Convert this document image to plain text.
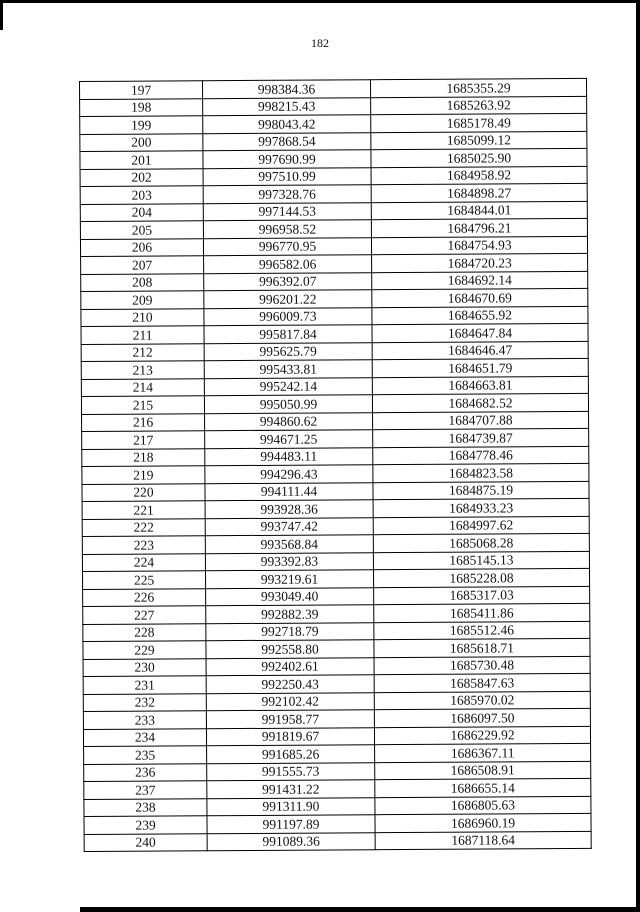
182
197	998384.36	1685355.29
198	998215.43	1685263.92
199	998043.42	1685178.49
200	997868.54	1685099.12
201	997690.99	1685025.90
202	997510.99	1684958.92
203	997328.76	1684898.27
204	997144.53	1684844.01
205	996958.52	1684796.21
206	996770.95	1684754.93
207	996582.06	1684720.23
208	996392.07	1684692.14
209	996201.22	1684670.69
210	996009.73	1684655.92
211	995817.84	1684647.84
212	995625.79	1684646.47
213	995433.81	1684651.79
214	995242.14	1684663.81
215	995050.99	1684682.52
216	994860.62	1684707.88
217	994671.25	1684739.87
218	994483.11	1684778.46
219	994296.43	1684823.58
220	994111.44	1684875.19
221	993928.36	1684933.23
222	993747.42	1684997.62
223	993568.84	1685068.28
224	993392.83	1685145.13
225	993219.61	1685228.08
226	993049.40	1685317.03
227	992882.39	1685411.86
228	992718.79	1685512.46
229	992558.80	1685618.71
230	992402.61	1685730.48
231	992250.43	1685847.63
232	992102.42	1685970.02
233	991958.77	1686097.50
234	991819.67	1686229.92
235	991685.26	1686367.11
236	991555.73	1686508.91
237	991431.22	1686655.14
238	991311.90	1686805.63
239	991197.89	1686960.19
240	991089.36	1687118.64
